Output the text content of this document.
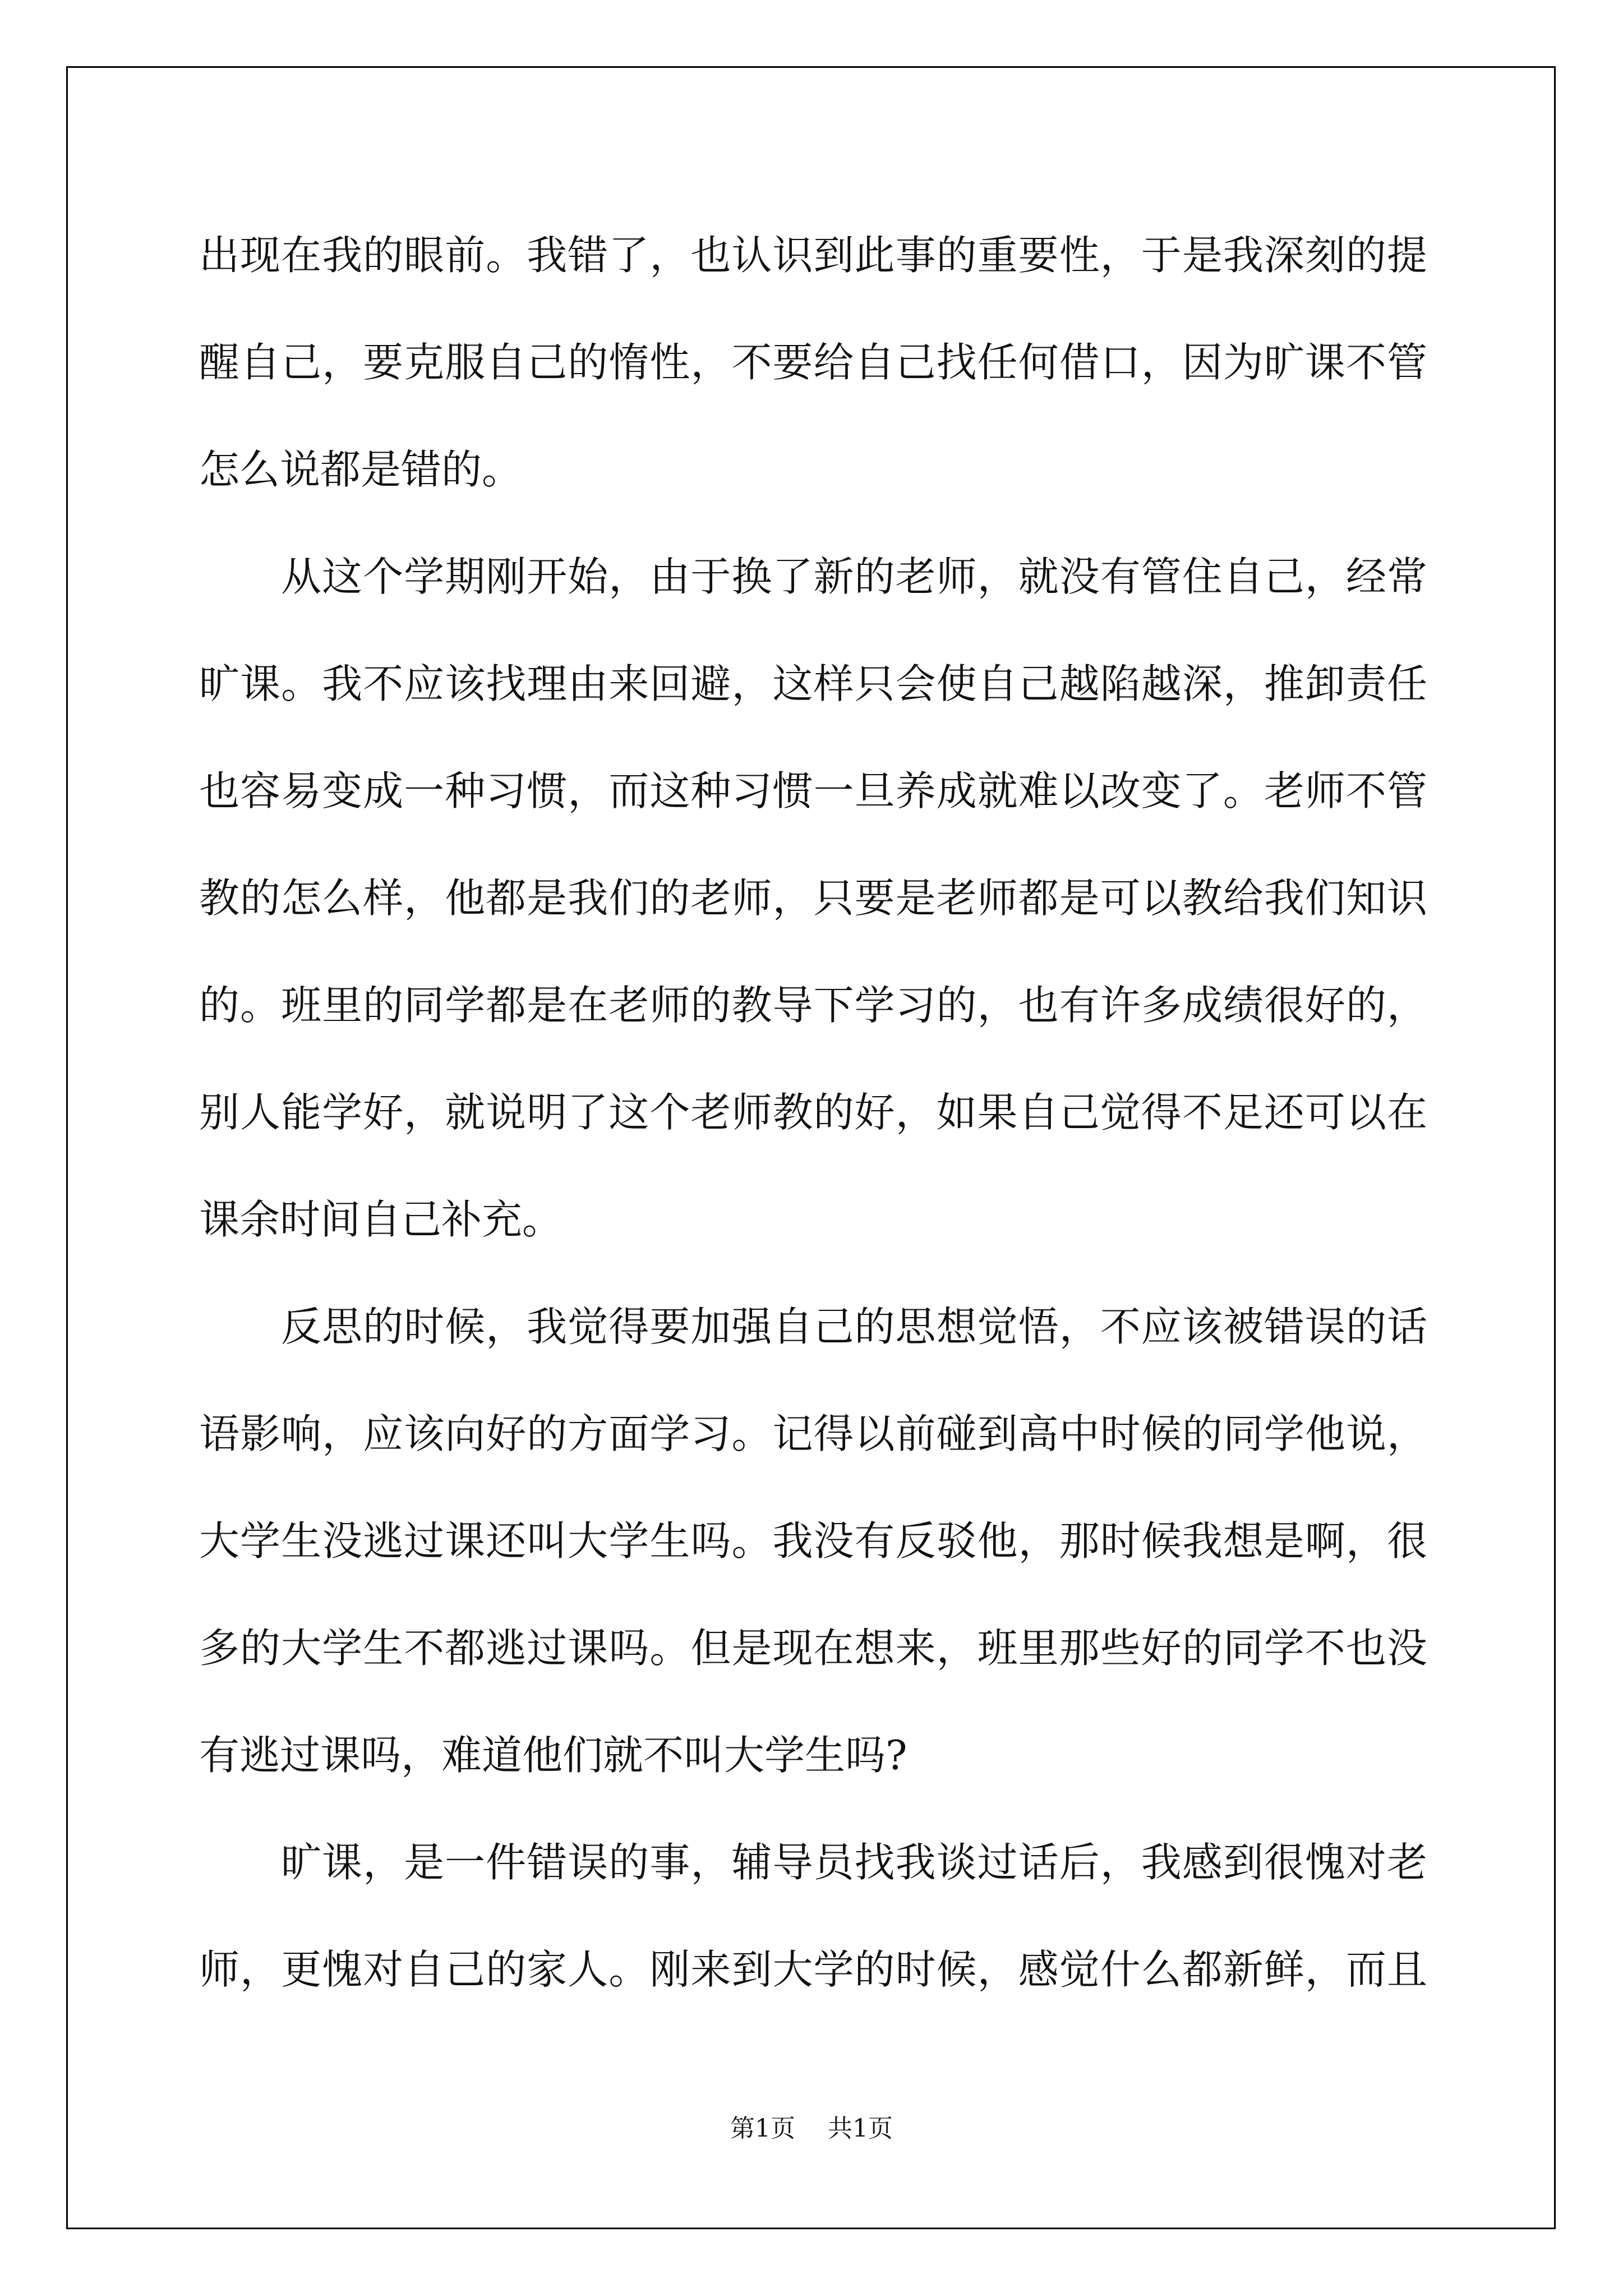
出现在我的眼前。我错了，也认识到此事的重要性，于是我深刻的提
醒自己，要克服自己的惰性，不要给自己找任何借口，因为旷课不管
怎么说都是错的。
从这个学期刚开始，由于换了新的老师，就没有管住自己，经常
旷课。我不应该找理由来回避，这样只会使自己越陷越深，推卸责任
也容易变成一种习惯，而这种习惯一旦养成就难以改变了。老师不管
教的怎么样，他都是我们的老师，只要是老师都是可以教给我们知识
的。班里的同学都是在老师的教导下学习的，也有许多成绩很好的，
别人能学好，就说明了这个老师教的好，如果自己觉得不足还可以在
课余时间自己补充。
反思的时候，我觉得要加强自己的思想觉悟，不应该被错误的话
语影响，应该向好的方面学习。记得以前碰到高中时候的同学他说，
大学生没逃过课还叫大学生吗。我没有反驳他，那时候我想是啊，很
多的大学生不都逃过课吗。但是现在想来，班里那些好的同学不也没
有逃过课吗，难道他们就不叫大学生吗?
旷课，是一件错误的事，辅导员找我谈过话后，我感到很愧对老
师，更愧对自己的家人。刚来到大学的时候，感觉什么都新鲜，而且
第1页 共1页
